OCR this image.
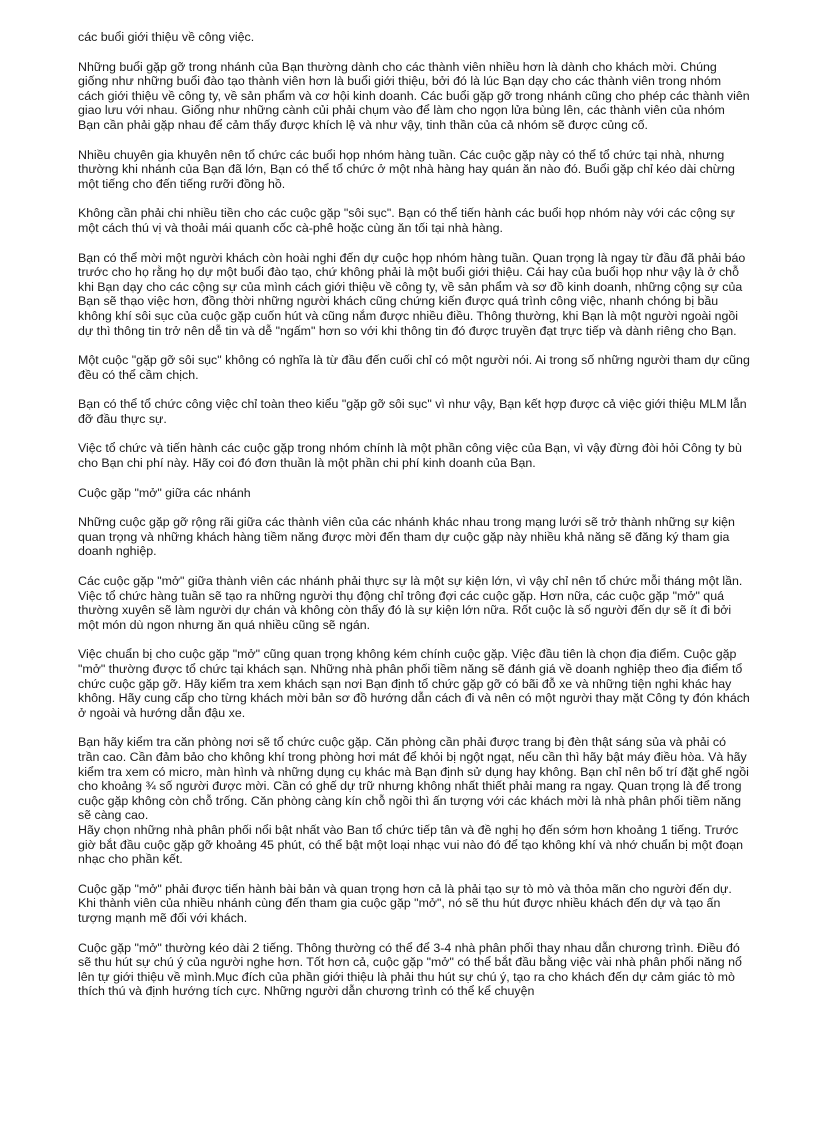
các buổi giới thiệu về công việc.

Những buổi gặp gỡ trong nhánh của Bạn thường dành cho các thành viên nhiều hơn là dành cho khách mời. Chúng giống như những buổi đào tạo thành viên hơn là buổi giới thiệu, bởi đó là lúc Bạn dạy cho các thành viên trong nhóm cách giới thiệu về công ty, về sản phẩm và cơ hội kinh doanh. Các buổi gặp gỡ trong nhánh cũng cho phép các thành viên giao lưu với nhau. Giống như những cành củi phải chụm vào để làm cho ngọn lửa bùng lên, các thành viên của nhóm Bạn cần phải gặp nhau để cảm thấy được khích lệ và như vậy, tinh thần của cả nhóm sẽ được củng cố.

Nhiều chuyên gia khuyên nên tổ chức các buổi họp nhóm hàng tuần. Các cuộc gặp này có thể tổ chức tại nhà, nhưng thường khi nhánh của Bạn đã lớn, Bạn có thể tổ chức ở một nhà hàng hay quán ăn nào đó. Buổi gặp chỉ kéo dài chừng một tiếng cho đến tiếng rưỡi đồng hồ.

Không cần phải chi nhiều tiền cho các cuộc gặp "sôi sục". Bạn có thể tiến hành các buổi họp nhóm này với các cộng sự một cách thú vị và thoải mái quanh cốc cà-phê hoặc cùng ăn tối tại nhà hàng.

Bạn có thể mời một người khách còn hoài nghi đến dự cuộc họp nhóm hàng tuần. Quan trọng là ngay từ đầu đã phải báo trước cho họ rằng họ dự một buổi đào tạo, chứ không phải là một buổi giới thiệu. Cái hay của buổi họp như vậy là ở chỗ khi Bạn dạy cho các cộng sự của mình cách giới thiệu về công ty, về sản phẩm và sơ đồ kinh doanh, những cộng sự của Bạn sẽ thạo việc hơn, đồng thời những người khách cũng chứng kiến được quá trình công việc, nhanh chóng bị bầu không khí sôi sục của cuộc gặp cuốn hút và cũng nắm được nhiều điều. Thông thường, khi Bạn là một người ngoài ngồi dự thì thông tin trở nên dễ tin và dễ "ngấm" hơn so với khi thông tin đó được truyền đạt trực tiếp và dành riêng cho Bạn.

Một cuộc "gặp gỡ sôi sục" không có nghĩa là từ đầu đến cuối chỉ có một người nói. Ai trong số những người tham dự cũng đều có thể cầm chịch.

Bạn có thể tổ chức công việc chỉ toàn theo kiểu "gặp gỡ sôi sục" vì như vậy, Bạn kết hợp được cả việc giới thiệu MLM lẫn đỡ đầu thực sự.

Việc tổ chức và tiến hành các cuộc gặp trong nhóm chính là một phần công việc của Bạn, vì vậy đừng đòi hỏi Công ty bù cho Bạn chi phí này. Hãy coi đó đơn thuần là một phần chi phí kinh doanh của Bạn.

Cuộc gặp "mở" giữa các nhánh

Những cuộc gặp gỡ rộng rãi giữa các thành viên của các nhánh khác nhau trong mạng lưới sẽ trở thành những sự kiện quan trọng và những khách hàng tiềm năng được mời đến tham dự cuộc gặp này nhiều khả năng sẽ đăng ký tham gia doanh nghiệp.

Các cuộc gặp "mở" giữa thành viên các nhánh phải thực sự là một sự kiện lớn, vì vậy chỉ nên tổ chức mỗi tháng một lần. Việc tổ chức hàng tuần sẽ tạo ra những người thụ động chỉ trông đợi các cuộc gặp. Hơn nữa, các cuộc gặp "mở" quá thường xuyên sẽ làm người dự chán và không còn thấy đó là sự kiện lớn nữa. Rốt cuộc là số người đến dự sẽ ít đi bởi một món dù ngon nhưng ăn quá nhiều cũng sẽ ngán.

Việc chuẩn bị cho cuộc gặp "mở" cũng quan trọng không kém chính cuộc gặp. Việc đầu tiên là chọn địa điểm. Cuộc gặp "mở" thường được tổ chức tại khách sạn. Những nhà phân phối tiềm năng sẽ đánh giá về doanh nghiệp theo địa điểm tổ chức cuộc gặp gỡ. Hãy kiểm tra xem khách sạn nơi Bạn định tổ chức gặp gỡ có bãi đỗ xe và những tiện nghi khác hay không. Hãy cung cấp cho từng khách mời bản sơ đồ hướng dẫn cách đi và nên có một người thay mặt Công ty đón khách ở ngoài và hướng dẫn đậu xe.

Bạn hãy kiểm tra căn phòng nơi sẽ tổ chức cuộc gặp. Căn phòng cần phải được trang bị đèn thật sáng sủa và phải có trần cao. Cần đảm bảo cho không khí trong phòng hơi mát để khỏi bị ngột ngạt, nếu cần thì hãy bật máy điều hòa. Và hãy kiểm tra xem có micro, màn hình và những dụng cụ khác mà Bạn định sử dụng hay không. Bạn chỉ nên bố trí đặt ghế ngồi cho khoảng ¾ số người được mời. Cần có ghế dự trữ nhưng không nhất thiết phải mang ra ngay. Quan trọng là để trong cuộc gặp không còn chỗ trống. Căn phòng càng kín chỗ ngồi thì ấn tượng với các khách mời là nhà phân phối tiềm năng sẽ càng cao.
Hãy chọn những nhà phân phối nổi bật nhất vào Ban tổ chức tiếp tân và đề nghị họ đến sớm hơn khoảng 1 tiếng. Trước giờ bắt đầu cuộc gặp gỡ khoảng 45 phút, có thể bật một loại nhạc vui nào đó để tạo không khí và nhớ chuẩn bị một đoạn nhạc cho phần kết.

Cuộc gặp "mở" phải được tiến hành bài bản và quan trọng hơn cả là phải tạo sự tò mò và thỏa mãn cho người đến dự. Khi thành viên của nhiều nhánh cùng đến tham gia cuộc gặp "mở", nó sẽ thu hút được nhiều khách đến dự và tạo ấn tượng mạnh mẽ đối với khách.

Cuộc gặp "mở" thường kéo dài 2 tiếng. Thông thường có thể để 3-4 nhà phân phối thay nhau dẫn chương trình. Điều đó sẽ thu hút sự chú ý của người nghe hơn. Tốt hơn cả, cuộc gặp "mở" có thể bắt đầu bằng việc vài nhà phân phối năng nổ lên tự giới thiệu về mình.Mục đích của phần giới thiệu là phải thu hút sự chú ý, tạo ra cho khách đến dự cảm giác tò mò thích thú và định hướng tích cực. Những người dẫn chương trình có thể kể chuyện
